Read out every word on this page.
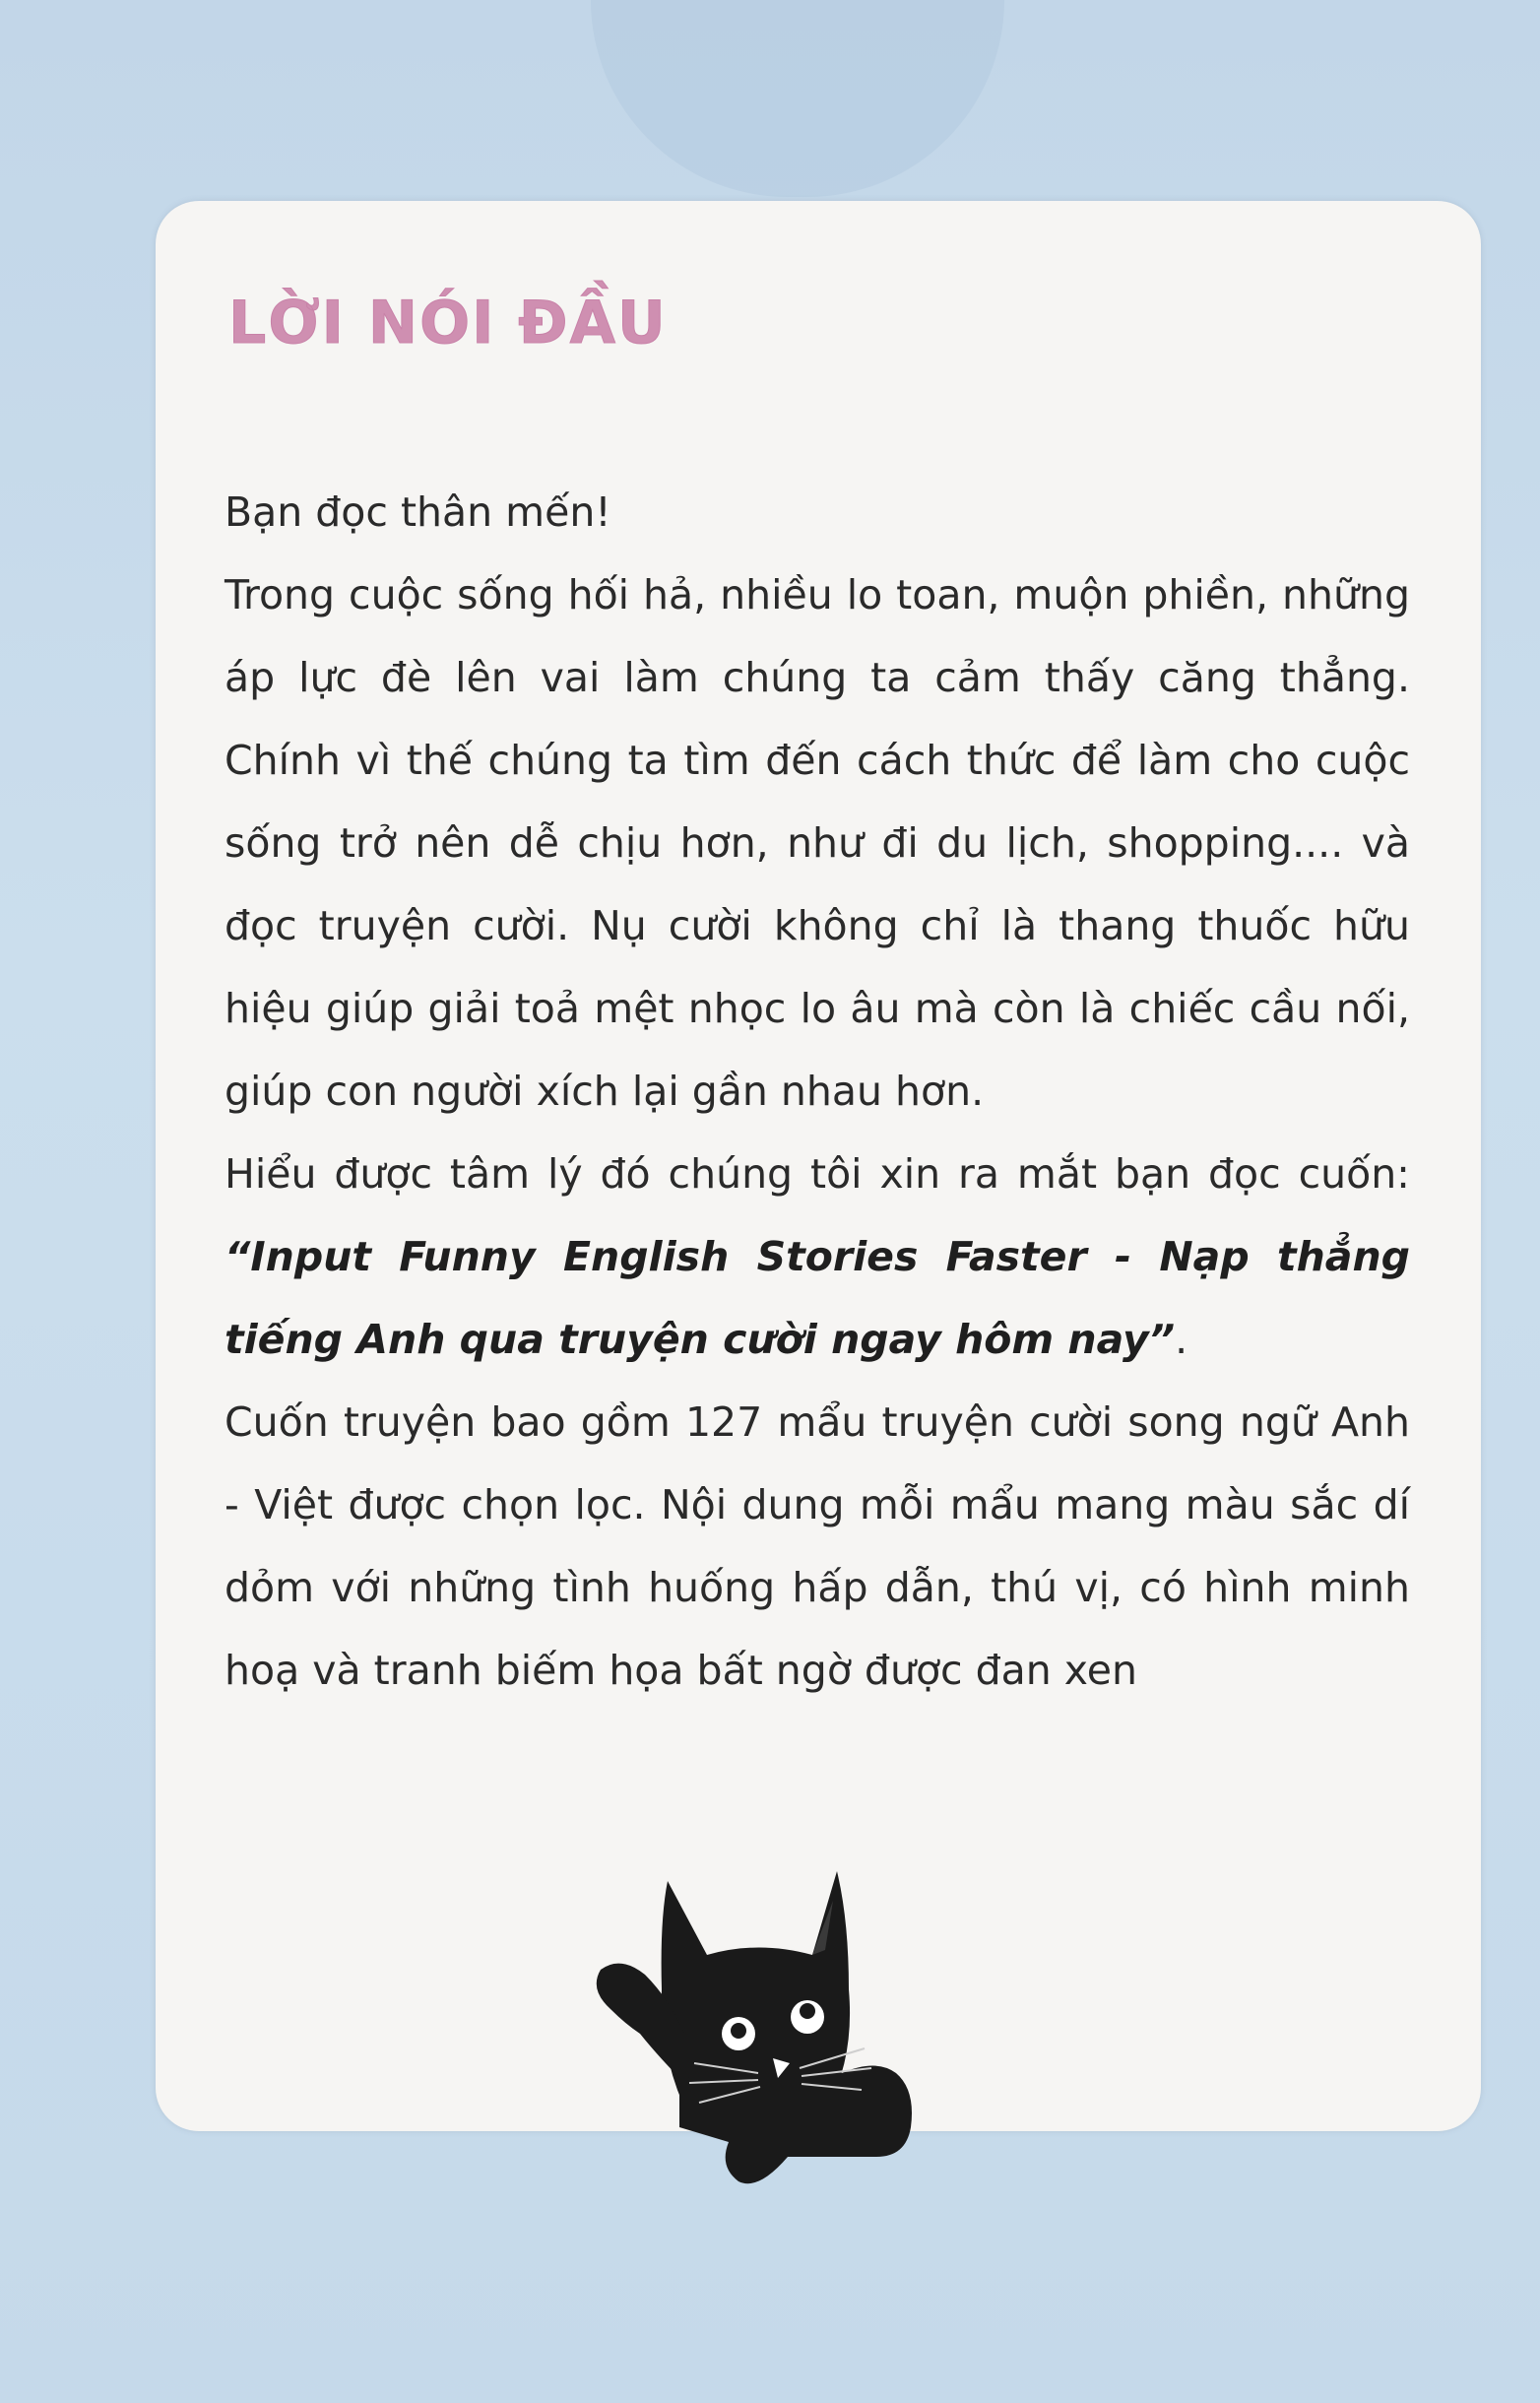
LỜI NÓI ĐẦU

Bạn đọc thân mến!

Trong cuộc sống hối hả, nhiều lo toan, muộn phiền, những áp lực đè lên vai làm chúng ta cảm thấy căng thẳng. Chính vì thế chúng ta tìm đến cách thức để làm cho cuộc sống trở nên dễ chịu hơn, như đi du lịch, shopping.... và đọc truyện cười. Nụ cười không chỉ là thang thuốc hữu hiệu giúp giải toả mệt nhọc lo âu mà còn là chiếc cầu nối, giúp con người xích lại gần nhau hơn.

Hiểu được tâm lý đó chúng tôi xin ra mắt bạn đọc cuốn: “Input Funny English Stories Faster - Nạp thẳng tiếng Anh qua truyện cười ngay hôm nay”.

Cuốn truyện bao gồm 127 mẩu truyện cười song ngữ Anh - Việt được chọn lọc. Nội dung mỗi mẩu mang màu sắc dí dỏm với những tình huống hấp dẫn, thú vị, có hình minh hoạ và tranh biếm họa bất ngờ được đan xen
